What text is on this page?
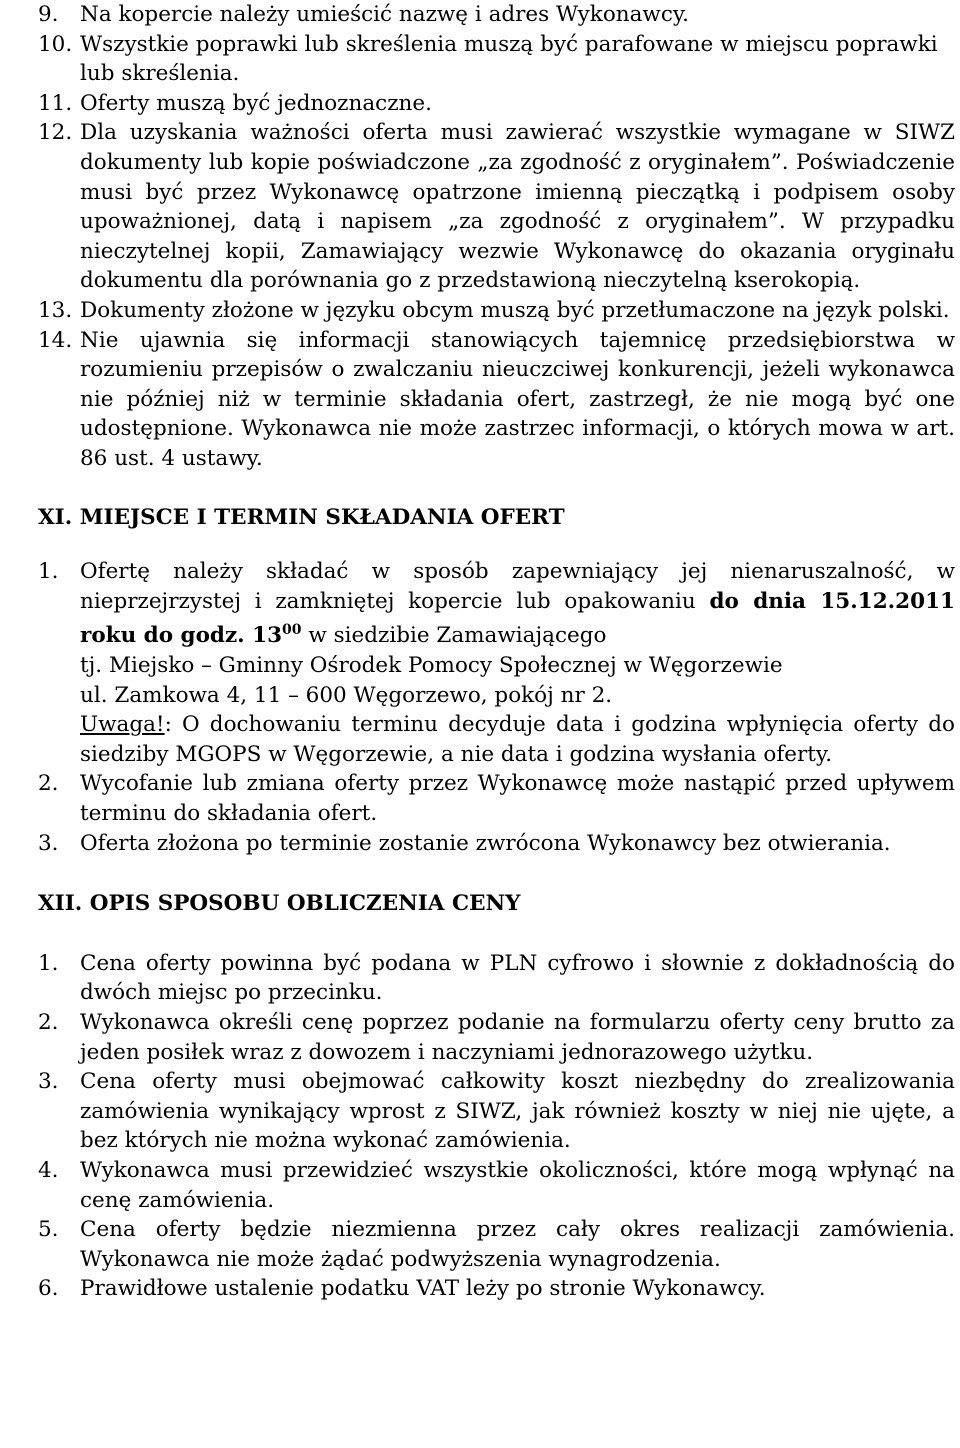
9. Na kopercie należy umieścić nazwę i adres Wykonawcy.
10. Wszystkie poprawki lub skreślenia muszą być parafowane w miejscu poprawki lub skreślenia.
11. Oferty muszą być jednoznaczne.
12. Dla uzyskania ważności oferta musi zawierać wszystkie wymagane w SIWZ dokumenty lub kopie poświadczone „za zgodność z oryginałem”. Poświadczenie musi być przez Wykonawcę opatrzone imienną pieczątką i podpisem osoby upoważnionej, datą i napisem „za zgodność z oryginałem”. W przypadku nieczytelnej kopii, Zamawiający wezwie Wykonawcę do okazania oryginału dokumentu dla porównania go z przedstawioną nieczytelną kserokopią.
13. Dokumenty złożone w języku obcym muszą być przetłumaczone na język polski.
14. Nie ujawnia się informacji stanowiących tajemnicę przedsiębiorstwa w rozumieniu przepisów o zwalczaniu nieuczciwej konkurencji, jeżeli wykonawca nie później niż w terminie składania ofert, zastrzegł, że nie mogą być one udostępnione. Wykonawca nie może zastrzec informacji, o których mowa w art. 86 ust. 4 ustawy.
XI. MIEJSCE I TERMIN SKŁADANIA OFERT
1. Ofertę należy składać w sposób zapewniający jej nienaruszalność, w nieprzejrzystej i zamkniętej kopercie lub opakowaniu do dnia 15.12.2011 roku do godz. $13^{00}$ w siedzibie Zamawiającego
tj. Miejsko – Gminny Ośrodek Pomocy Społecznej w Węgorzewie
ul. Zamkowa 4, 11 – 600 Węgorzewo, pokój nr 2.
Uwaga!: O dochowaniu terminu decyduje data i godzina wpłynięcia oferty do siedziby MGOPS w Węgorzewie, a nie data i godzina wysłania oferty.
2. Wycofanie lub zmiana oferty przez Wykonawcę może nastąpić przed upływem terminu do składania ofert.
3. Oferta złożona po terminie zostanie zwrócona Wykonawcy bez otwierania.
XII. OPIS SPOSOBU OBLICZENIA CENY
1. Cena oferty powinna być podana w PLN cyfrowo i słownie z dokładnością do dwóch miejsc po przecinku.
2. Wykonawca określi cenę poprzez podanie na formularzu oferty ceny brutto za jeden posiłek wraz z dowozem i naczyniami jednorazowego użytku.
3. Cena oferty musi obejmować całkowity koszt niezbędny do zrealizowania zamówienia wynikający wprost z SIWZ, jak również koszty w niej nie ujęte, a bez których nie można wykonać zamówienia.
4. Wykonawca musi przewidzieć wszystkie okoliczności, które mogą wpłynąć na cenę zamówienia.
5. Cena oferty będzie niezmienna przez cały okres realizacji zamówienia. Wykonawca nie może żądać podwyższenia wynagrodzenia.
6. Prawidłowe ustalenie podatku VAT leży po stronie Wykonawcy.
